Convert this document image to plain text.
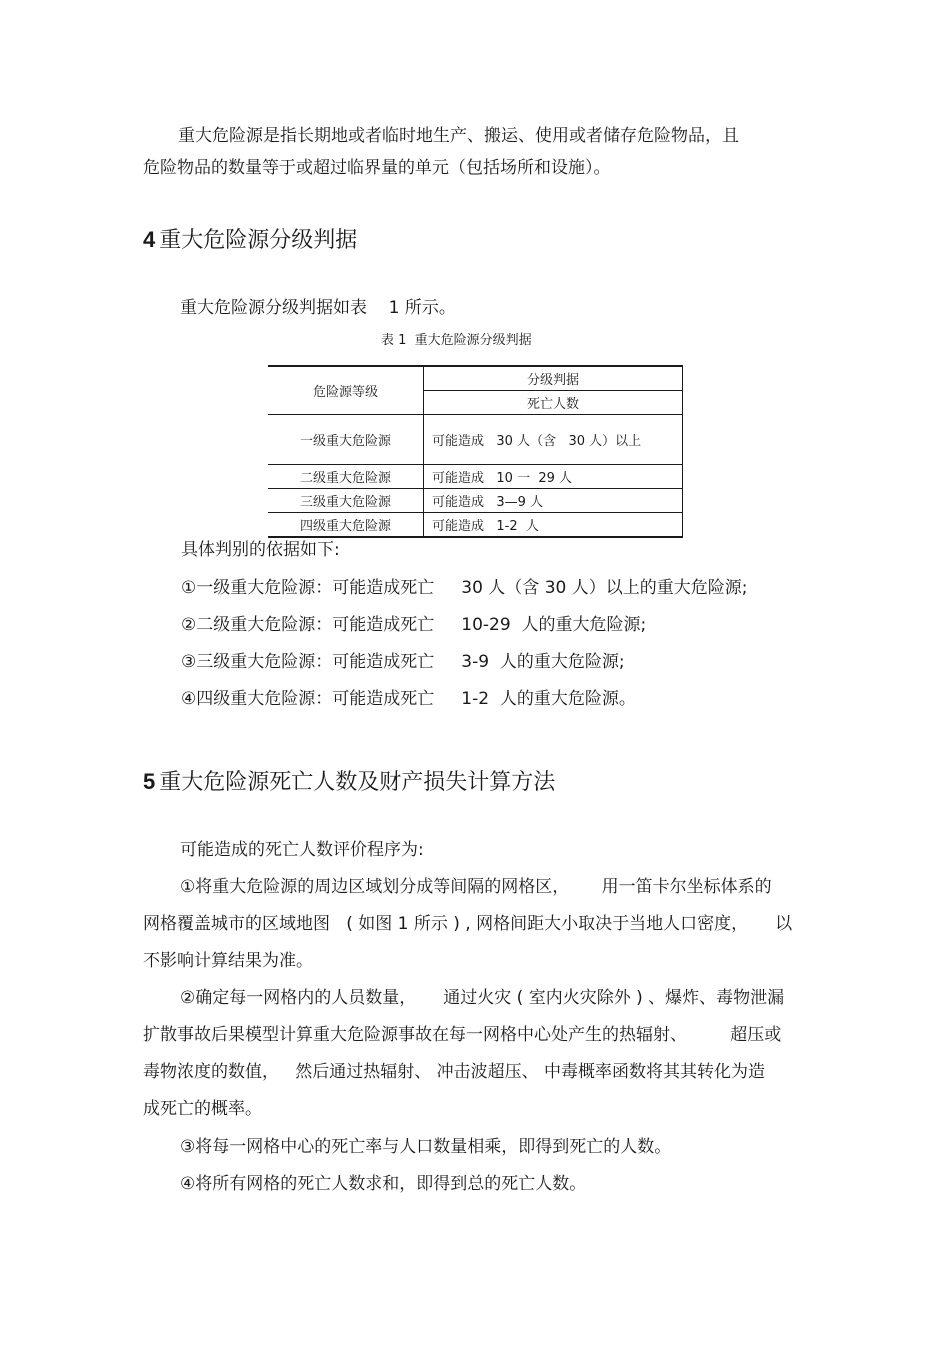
重大危险源是指长期地或者临时地生产、搬运、使用或者储存危险物品，且

危险物品的数量等于或超过临界量的单元（包括场所和设施）。

4 重大危险源分级判据

重大危险源分级判据如表    1 所示。

表 1  重大危险源分级判据
危险源等级	分级判据
	死亡人数
一级重大危险源	可能造成   30 人（含   30 人）以上
二级重大危险源	可能造成   10 一  29 人
三级重大危险源	可能造成   3—9 人
四级重大危险源	可能造成   1-2  人

具体判别的依据如下:

①一级重大危险源：可能造成死亡     30 人（含 30 人）以上的重大危险源;

②二级重大危险源：可能造成死亡     10-29  人的重大危险源;

③三级重大危险源：可能造成死亡     3-9  人的重大危险源;

④四级重大危险源：可能造成死亡     1-2  人的重大危险源。

5 重大危险源死亡人数及财产损失计算方法

可能造成的死亡人数评价程序为:

①将重大危险源的周边区域划分成等间隔的网格区，      用一笛卡尔坐标体系的

网格覆盖城市的区域地图   ( 如图 1 所示 ) , 网格间距大小取决于当地人口密度，     以

不影响计算结果为准。

②确定每一网格内的人员数量，     通过火灾 ( 室内火灾除外 ) 、爆炸、毒物泄漏

扩散事故后果模型计算重大危险源事故在每一网格中心处产生的热辐射、        超压或

毒物浓度的数值，   然后通过热辐射、 冲击波超压、 中毒概率函数将其其转化为造

成死亡的概率。

③将每一网格中心的死亡率与人口数量相乘，即得到死亡的人数。

④将所有网格的死亡人数求和，即得到总的死亡人数。
